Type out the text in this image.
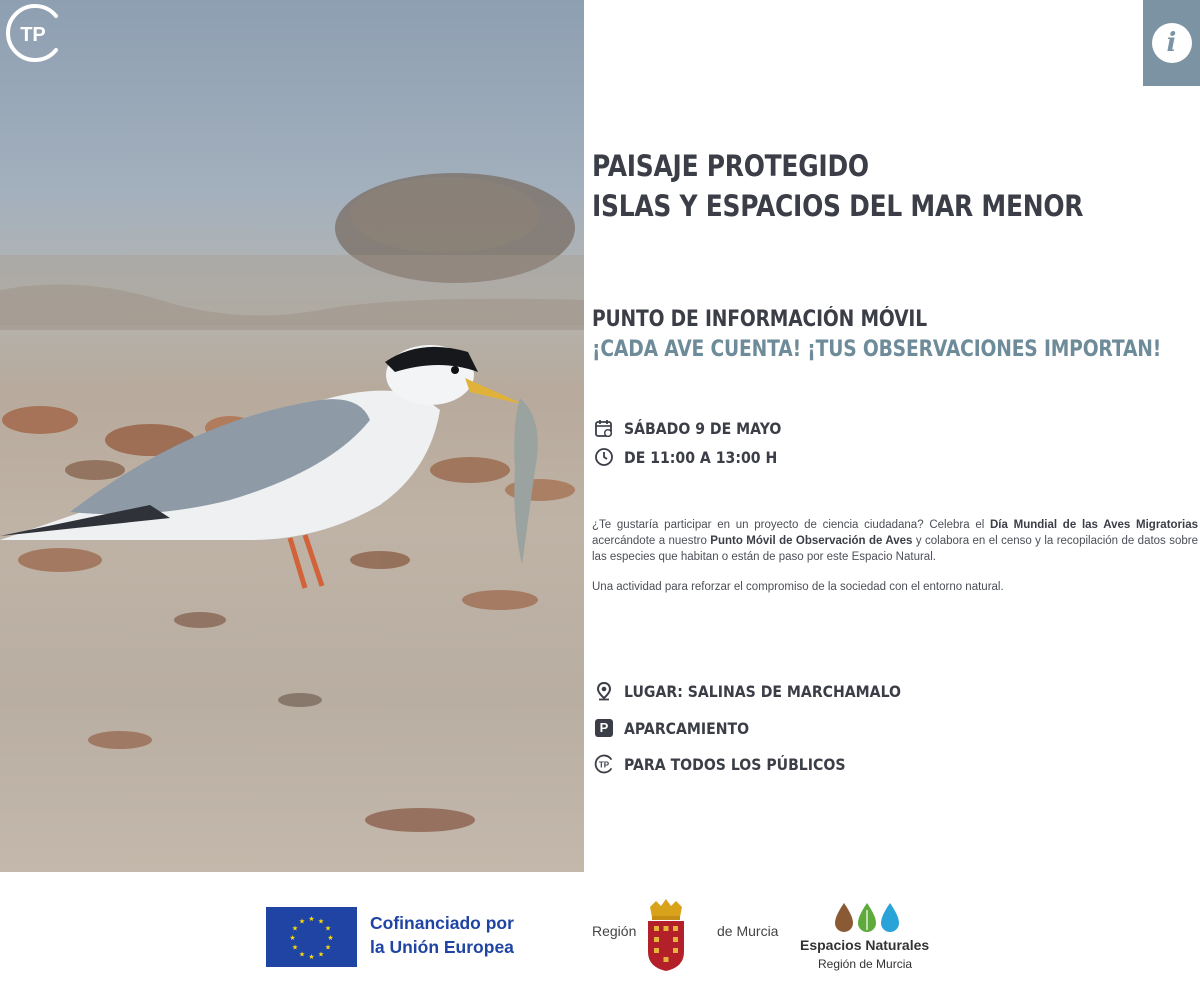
TP	i
PAISAJE PROTEGIDO
ISLAS Y ESPACIOS DEL MAR MENOR
PUNTO DE INFORMACIÓN MÓVIL
¡CADA AVE CUENTA! ¡TUS OBSERVACIONES IMPORTAN!
SÁBADO 9 DE MAYO
DE 11:00 A 13:00 H

¿Te gustaría participar en un proyecto de ciencia ciudadana? Celebra el Día Mundial de las Aves Migratorias acercándote a nuestro Punto Móvil de Observación de Aves y colabora en el censo y la recopilación de datos sobre las especies que habitan o están de paso por este Espacio Natural.

Una actividad para reforzar el compromiso de la sociedad con el entorno natural.

LUGAR: SALINAS DE MARCHAMALO
P APARCAMIENTO
TP PARA TODOS LOS PÚBLICOS
★ ★
★
★
★
★
★
★
★
★
★
★	Cofinanciado por
la Unión Europea
Región	de Murcia
Espacios Naturales
Región de Murcia
